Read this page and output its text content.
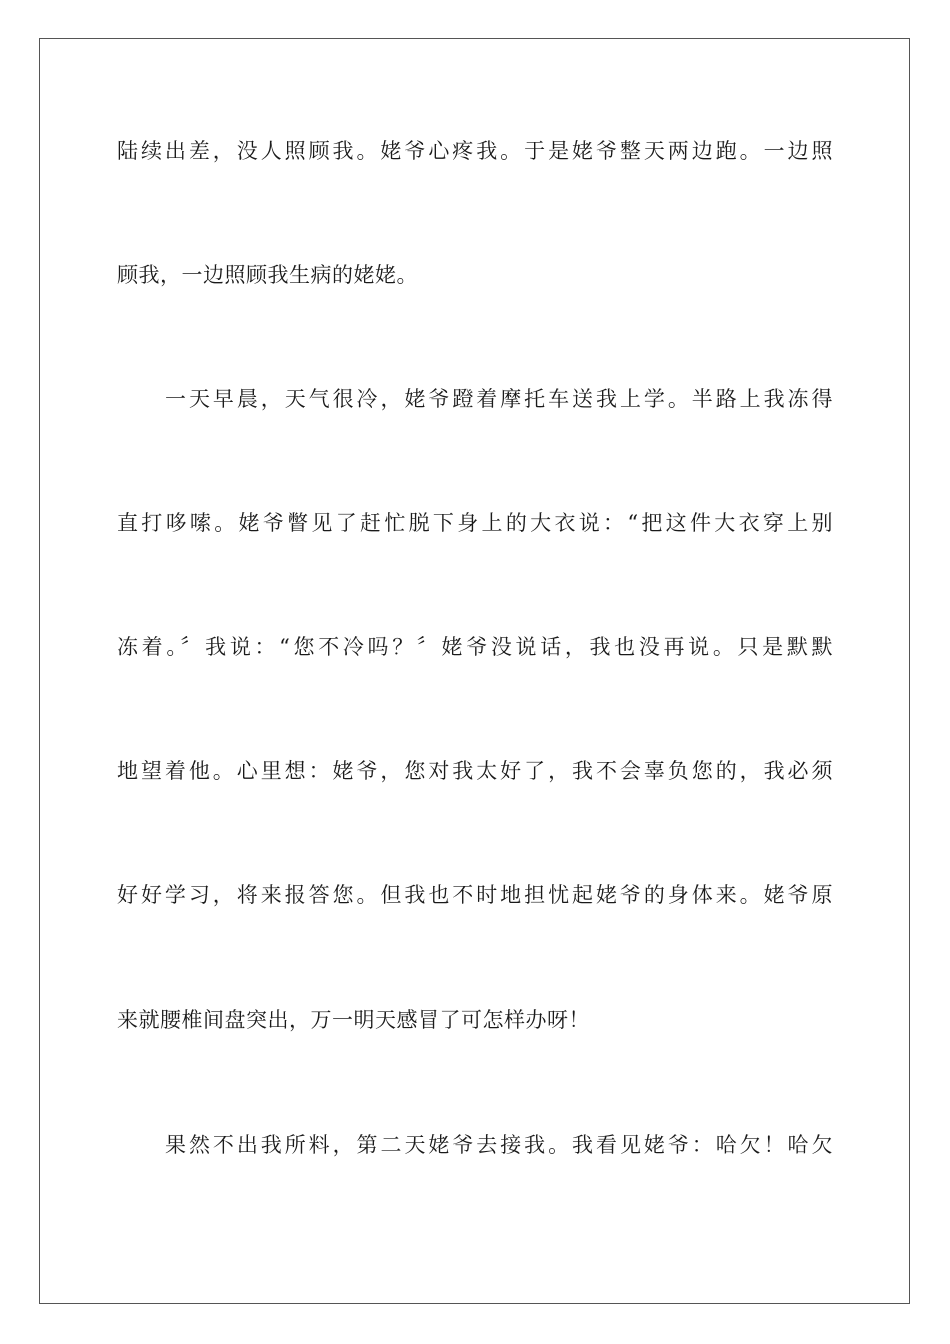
陆续出差，没人照顾我。姥爷心疼我。于是姥爷整天两边跑。一边照
顾我，一边照顾我生病的姥姥。
一天早晨，天气很冷，姥爷蹬着摩托车送我上学。半路上我冻得
直打哆嗦。姥爷瞥见了赶忙脱下身上的大衣说：“把这件大衣穿上别
冻着。〞我说：“您不冷吗？〞姥爷没说话，我也没再说。只是默默
地望着他。心里想：姥爷，您对我太好了，我不会辜负您的，我必须
好好学习，将来报答您。但我也不时地担忧起姥爷的身体来。姥爷原
来就腰椎间盘突出，万一明天感冒了可怎样办呀！
果然不出我所料，第二天姥爷去接我。我看见姥爷：哈欠！哈欠
